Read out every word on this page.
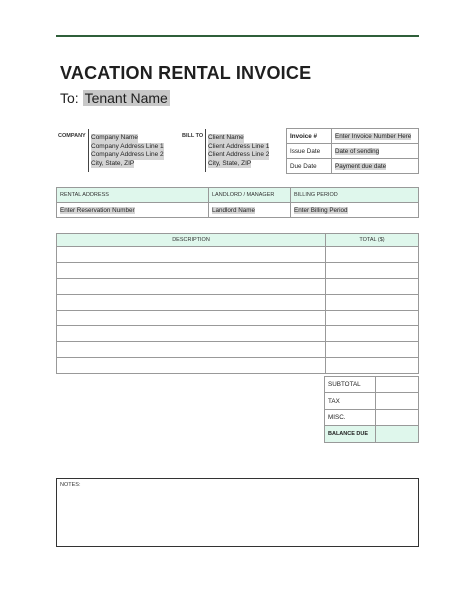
VACATION RENTAL INVOICE
To: Tenant Name
COMPANY Company Name
Company Address Line 1
Company Address Line 2
City, State, ZIP
BILL TO Client Name
Client Address Line 1
Client Address Line 2
City, State, ZIP
Invoice #	Enter Invoice Number Here
Issue Date	Date of sending
Due Date	Payment due date
RENTAL ADDRESS	LANDLORD / MANAGER	BILLING PERIOD
Enter Reservation Number	Landlord Name	Enter Billing Period
DESCRIPTION	TOTAL ($)

SUBTOTAL	
TAX	
MISC.	
BALANCE DUE	
NOTES:
